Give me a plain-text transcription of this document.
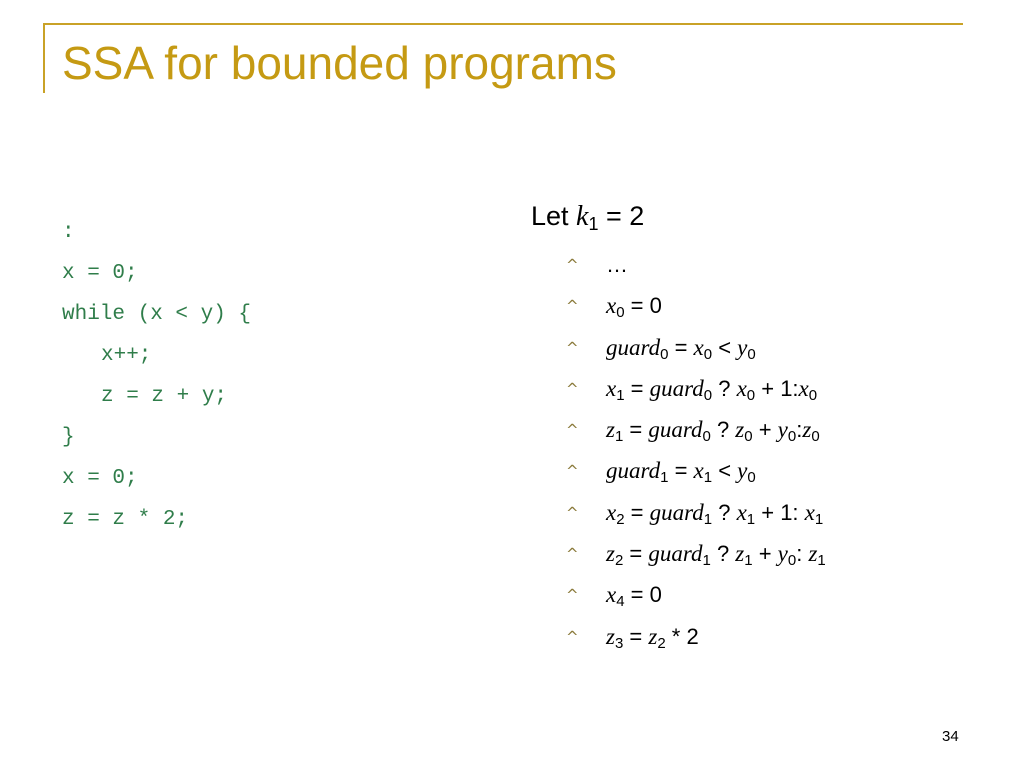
SSA for bounded programs
:
x = 0;
while (x < y) {
x++;
z = z + y;
}
x = 0;
z = z * 2;
Let $k_1 = 2$
^ …
^ $x_0 = 0$
^ guard$_0$ = $x_0 < y_0$
^ $x_1$ = guard$_0$ ? $x_0$ + $1:x_0$
^ $z_1$ = guard$_0$ ? $z_0$ + $y_0:z_0$
^ guard$_1$ = $x_1 < y_0$
^ $x_2$ = guard$_1$ ? $x_1 + 1$: $x_1$
^ $z_2$ = guard$_1$ ? $z_1 + y_0$: $z_1$
^ $x_4 = 0$
^ $z_3 = z_2 * 2$
34
